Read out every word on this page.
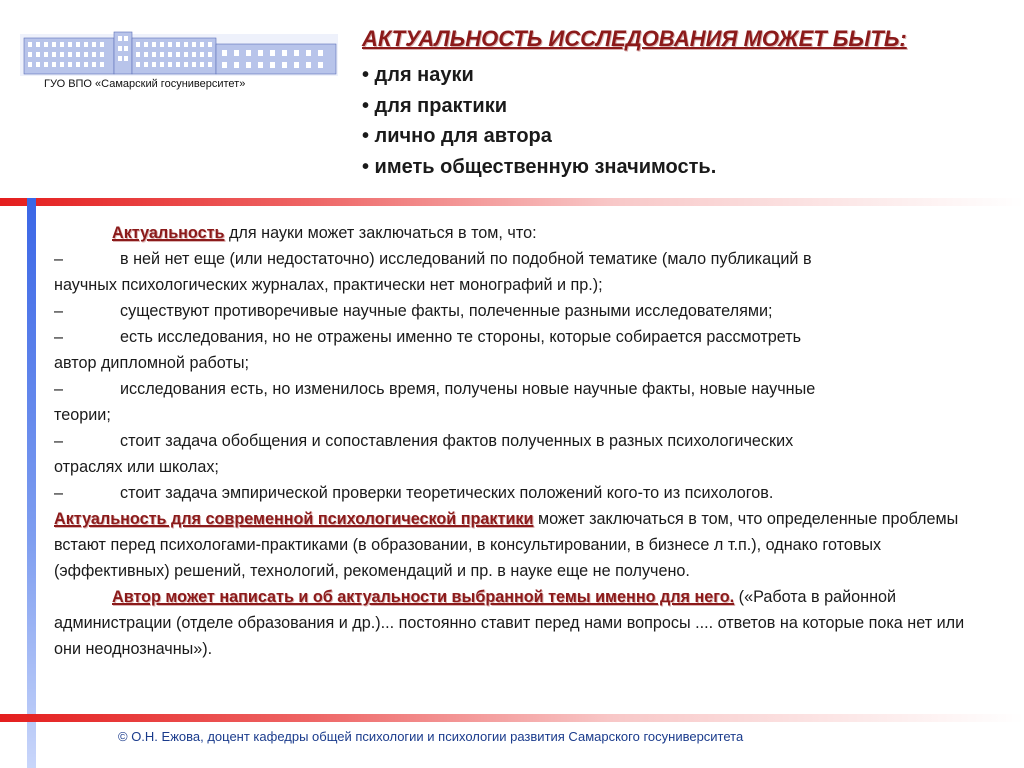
ГУО ВПО «Самарский госуниверситет»
АКТУАЛЬНОСТЬ ИССЛЕДОВАНИЯ МОЖЕТ БЫТЬ:
• для науки
• для практики
• лично для автора
• иметь общественную значимость.

Актуальность для науки может заключаться в том, что:

–	в ней нет еще (или недостаточно) исследований по подобной тематике (мало публикаций в

научных психологических журналах, практически нет монографий и пр.);

–	существуют противоречивые научные факты, полеченные разными исследователями;
–	есть исследования, но не отражены именно те стороны, которые собирается рассмотреть

автор дипломной работы;

–	исследования есть, но изменилось время, получены новые научные факты, новые научные

теории;

–	стоит задача обобщения и сопоставления фактов полученных в разных психологических

отраслях или школах;

–	стоит задача эмпирической проверки теоретических положений кого-то из психологов.

Актуальность для современной психологической практики может заключаться в том, что определенные проблемы встают перед психологами-практиками (в образовании, в консультировании, в бизнесе л т.п.), однако готовых (эффективных) решений, технологий, рекомендаций и пр. в науке еще не получено.

Автор может написать и об актуальности выбранной темы именно для него. («Работа в районной администрации (отделе образования и др.)... постоянно ставит перед нами вопросы .... ответов на которые пока нет или они неоднозначны»).

© О.Н. Ежова, доцент кафедры общей психологии и психологии развития Самарского госуниверситета
